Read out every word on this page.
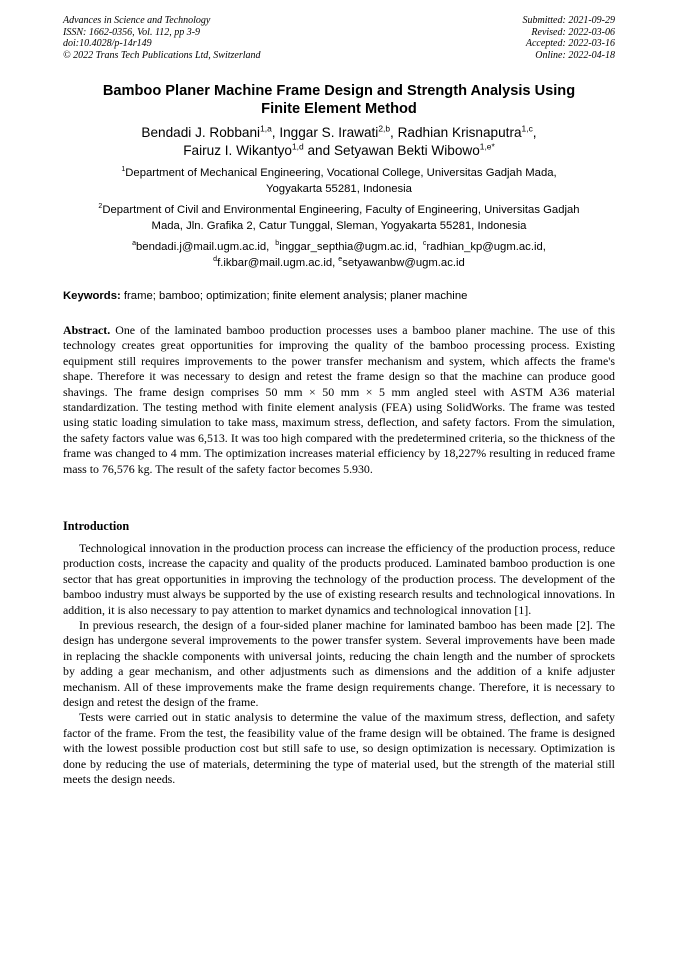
Advances in Science and Technology
ISSN: 1662-0356, Vol. 112, pp 3-9
doi:10.4028/p-14r149
© 2022 Trans Tech Publications Ltd, Switzerland
Submitted: 2021-09-29
Revised: 2022-03-06
Accepted: 2022-03-16
Online: 2022-04-18
Bamboo Planer Machine Frame Design and Strength Analysis Using
Finite Element Method
Bendadi J. Robbani$^{1,a}$, Inggar S. Irawati$^{2,b}$, Radhian Krisnaputra$^{1,c}$,
Fairuz I. Wikantyo$^{1,d}$ and Setyawan Bekti Wibowo$^{1,e*}$
$^1$Department of Mechanical Engineering, Vocational College, Universitas Gadjah Mada,
Yogyakarta 55281, Indonesia
$^2$Department of Civil and Environmental Engineering, Faculty of Engineering, Universitas Gadjah
Mada, Jln. Grafika 2, Catur Tunggal, Sleman, Yogyakarta 55281, Indonesia
$^a$bendadi.j@mail.ugm.ac.id, $^b$inggar_septhia@ugm.ac.id, $^c$radhian_kp@ugm.ac.id,
$^d$f.ikbar@mail.ugm.ac.id, $^e$setyawanbw@ugm.ac.id
Keywords: frame; bamboo; optimization; finite element analysis; planer machine
Abstract. One of the laminated bamboo production processes uses a bamboo planer machine. The use of this technology creates great opportunities for improving the quality of the bamboo processing process. Existing equipment still requires improvements to the power transfer mechanism and system, which affects the frame's shape. Therefore it was necessary to design and retest the frame design so that the machine can produce good shavings. The frame design comprises 50 mm × 50 mm × 5 mm angled steel with ASTM A36 material standardization. The testing method with finite element analysis (FEA) using SolidWorks. The frame was tested using static loading simulation to take mass, maximum stress, deflection, and safety factors. From the simulation, the safety factors value was 6,513. It was too high compared with the predetermined criteria, so the thickness of the frame was changed to 4 mm. The optimization increases material efficiency by 18,227% resulting in reduced frame mass to 76,576 kg. The result of the safety factor becomes 5.930.
Introduction

Technological innovation in the production process can increase the efficiency of the production process, reduce production costs, increase the capacity and quality of the products produced. Laminated bamboo production is one sector that has great opportunities in improving the technology of the production process. The development of the bamboo industry must always be supported by the use of existing research results and technological innovations. In addition, it is also necessary to pay attention to market dynamics and technological innovation [1].

In previous research, the design of a four-sided planer machine for laminated bamboo has been made [2]. The design has undergone several improvements to the power transfer system. Several improvements have been made in replacing the shackle components with universal joints, reducing the chain length and the number of sprockets by adding a gear mechanism, and other adjustments such as dimensions and the addition of a knife adjuster mechanism. All of these improvements make the frame design requirements change. Therefore, it is necessary to design and retest the design of the frame.

Tests were carried out in static analysis to determine the value of the maximum stress, deflection, and safety factor of the frame. From the test, the feasibility value of the frame design will be obtained. The frame is designed with the lowest possible production cost but still safe to use, so design optimization is necessary. Optimization is done by reducing the use of materials, determining the type of material used, but the strength of the material still meets the design needs.
